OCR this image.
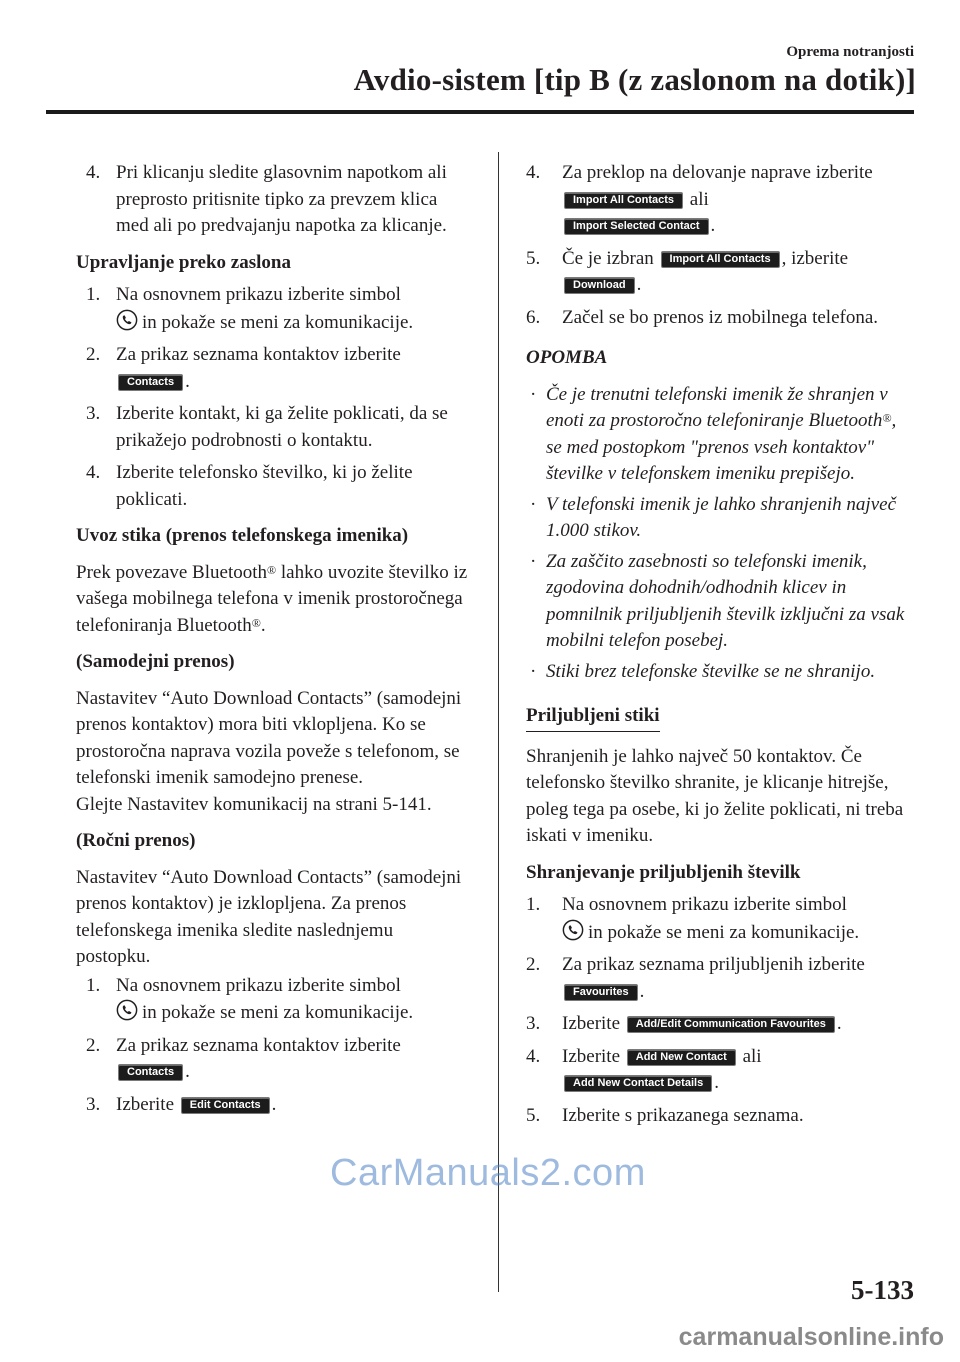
Oprema notranjosti
Avdio-sistem [tip B (z zaslonom na dotik)]
4. Pri klicanju sledite glasovnim napotkom ali preprosto pritisnite tipko za prevzem klica med ali po predvajanju napotka za klicanje.
Upravljanje preko zaslona
1. Na osnovnem prikazu izberite simbol
in pokaže se meni za komunikacije.
2. Za prikaz seznama kontaktov izberite
Contacts .
3. Izberite kontakt, ki ga želite poklicati, da se prikažejo podrobnosti o kontaktu.
4. Izberite telefonsko številko, ki jo želite poklicati.
Uvoz stika (prenos telefonskega imenika)
Prek povezave Bluetooth® lahko uvozite številko iz vašega mobilnega telefona v imenik prostoročnega telefoniranja Bluetooth®.
(Samodejni prenos)
Nastavitev “Auto Download Contacts” (samodejni prenos kontaktov) mora biti vklopljena. Ko se prostoročna naprava vozila poveže s telefonom, se telefonski imenik samodejno prenese.
Glejte Nastavitev komunikacij na strani 5-141.
(Ročni prenos)
Nastavitev “Auto Download Contacts” (samodejni prenos kontaktov) je izklopljena. Za prenos telefonskega imenika sledite naslednjemu postopku.
1. Na osnovnem prikazu izberite simbol
in pokaže se meni za komunikacije.
2. Za prikaz seznama kontaktov izberite
Contacts .
3. Izberite Edit Contacts .
4. Za preklop na delovanje naprave izberite Import All Contacts ali
Import Selected Contact .
5. Če je izbran Import All Contacts , izberite
Download .
6. Začel se bo prenos iz mobilnega telefona.
OPOMBA
· Če je trenutni telefonski imenik že shranjen v enoti za prostoročno telefoniranje Bluetooth®, se med postopkom "prenos vseh kontaktov" številke v telefonskem imeniku prepišejo.
· V telefonski imenik je lahko shranjenih največ 1.000 stikov.
· Za zaščito zasebnosti so telefonski imenik, zgodovina dohodnih/odhodnih klicev in pomnilnik priljubljenih številk izključni za vsak mobilni telefon posebej.
· Stiki brez telefonske številke se ne shranijo.
Priljubljeni stiki
Shranjenih je lahko največ 50 kontaktov. Če telefonsko številko shranite, je klicanje hitrejše, poleg tega pa osebe, ki jo želite poklicati, ni treba iskati v imeniku.
Shranjevanje priljubljenih številk
1. Na osnovnem prikazu izberite simbol
in pokaže se meni za komunikacije.
2. Za prikaz seznama priljubljenih izberite Favourites .
3. Izberite Add/Edit Communication Favourites .
4. Izberite Add New Contact ali
Add New Contact Details .
5. Izberite s prikazanega seznama.
5-133
CarManuals2.com
carmanualsonline.info
